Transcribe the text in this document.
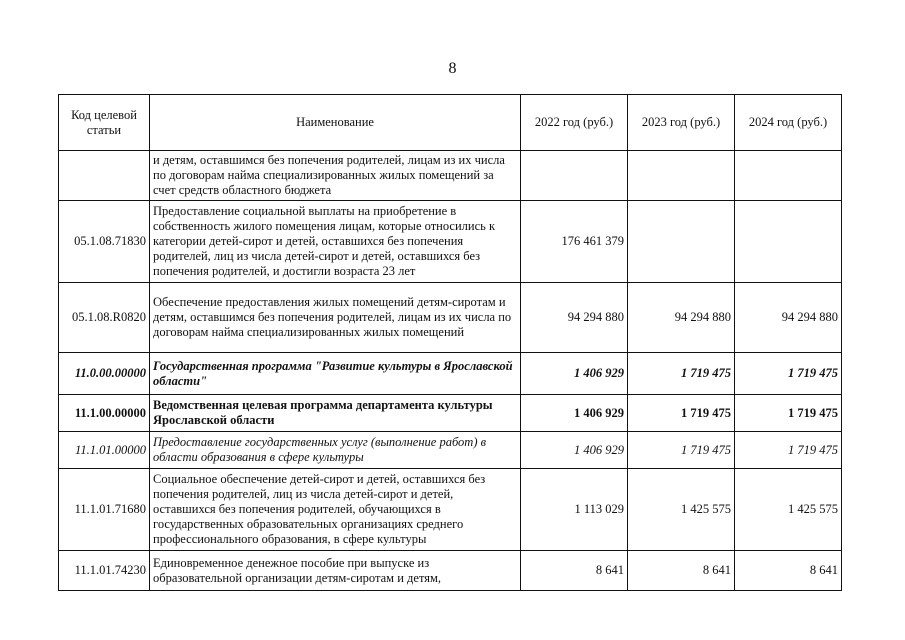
8
Код целевой статьи	Наименование	2022 год (руб.)	2023 год (руб.)	2024 год (руб.)
	и детям, оставшимся без попечения родителей, лицам из их числа по договорам найма специализированных жилых помещений за счет средств областного бюджета			
05.1.08.71830	Предоставление социальной выплаты на приобретение в собственность жилого помещения лицам, которые относились к категории детей-сирот и детей, оставшихся без попечения родителей, лиц из числа детей-сирот и детей, оставшихся без попечения родителей, и достигли возраста 23 лет	176 461 379		
05.1.08.R0820	Обеспечение предоставления жилых помещений детям-сиротам и детям, оставшимся без попечения родителей, лицам из их числа по договорам найма специализированных жилых помещений	94 294 880	94 294 880	94 294 880
11.0.00.00000	Государственная программа "Развитие культуры в Ярославской области"	1 406 929	1 719 475	1 719 475
11.1.00.00000	Ведомственная целевая программа департамента культуры Ярославской области	1 406 929	1 719 475	1 719 475
11.1.01.00000	Предоставление государственных услуг (выполнение работ) в области образования в сфере культуры	1 406 929	1 719 475	1 719 475
11.1.01.71680	Социальное обеспечение детей-сирот и детей, оставшихся без попечения родителей, лиц из числа детей-сирот и детей, оставшихся без попечения родителей, обучающихся в государственных образовательных организациях среднего профессионального образования, в сфере культуры	1 113 029	1 425 575	1 425 575
11.1.01.74230	Единовременное денежное пособие при выпуске из образовательной организации детям-сиротам и детям,	8 641	8 641	8 641
